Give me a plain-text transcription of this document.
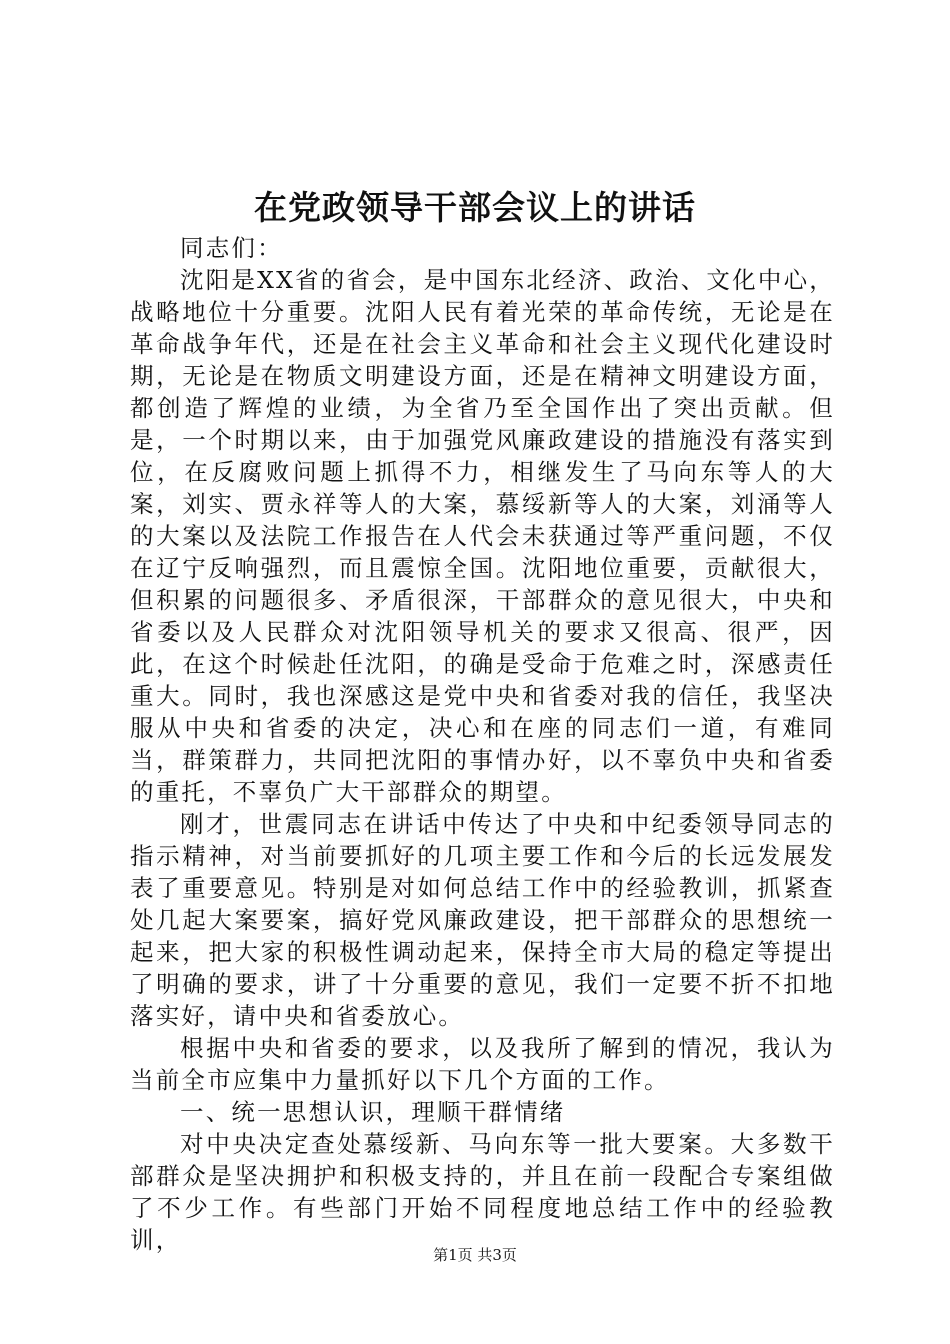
在党政领导干部会议上的讲话

同志们：

沈阳是XX省的省会，是中国东北经济、政治、文化中心，战略地位十分重要。沈阳人民有着光荣的革命传统，无论是在革命战争年代，还是在社会主义革命和社会主义现代化建设时期，无论是在物质文明建设方面，还是在精神文明建设方面，都创造了辉煌的业绩，为全省乃至全国作出了突出贡献。但是，一个时期以来，由于加强党风廉政建设的措施没有落实到位，在反腐败问题上抓得不力，相继发生了马向东等人的大案，刘实、贾永祥等人的大案，慕绥新等人的大案，刘涌等人的大案以及法院工作报告在人代会未获通过等严重问题，不仅在辽宁反响强烈，而且震惊全国。沈阳地位重要，贡献很大，但积累的问题很多、矛盾很深，干部群众的意见很大，中央和省委以及人民群众对沈阳领导机关的要求又很高、很严，因此，在这个时候赴任沈阳，的确是受命于危难之时，深感责任重大。同时，我也深感这是党中央和省委对我的信任，我坚决服从中央和省委的决定，决心和在座的同志们一道，有难同当，群策群力，共同把沈阳的事情办好，以不辜负中央和省委的重托，不辜负广大干部群众的期望。

刚才，世震同志在讲话中传达了中央和中纪委领导同志的指示精神，对当前要抓好的几项主要工作和今后的长远发展发表了重要意见。特别是对如何总结工作中的经验教训，抓紧查处几起大案要案，搞好党风廉政建设，把干部群众的思想统一起来，把大家的积极性调动起来，保持全市大局的稳定等提出了明确的要求，讲了十分重要的意见，我们一定要不折不扣地落实好，请中央和省委放心。

根据中央和省委的要求，以及我所了解到的情况，我认为当前全市应集中力量抓好以下几个方面的工作。

一、统一思想认识，理顺干群情绪

对中央决定查处慕绥新、马向东等一批大要案。大多数干部群众是坚决拥护和积极支持的，并且在前一段配合专案组做了不少工作。有些部门开始不同程度地总结工作中的经验教训，

第1页 共3页
